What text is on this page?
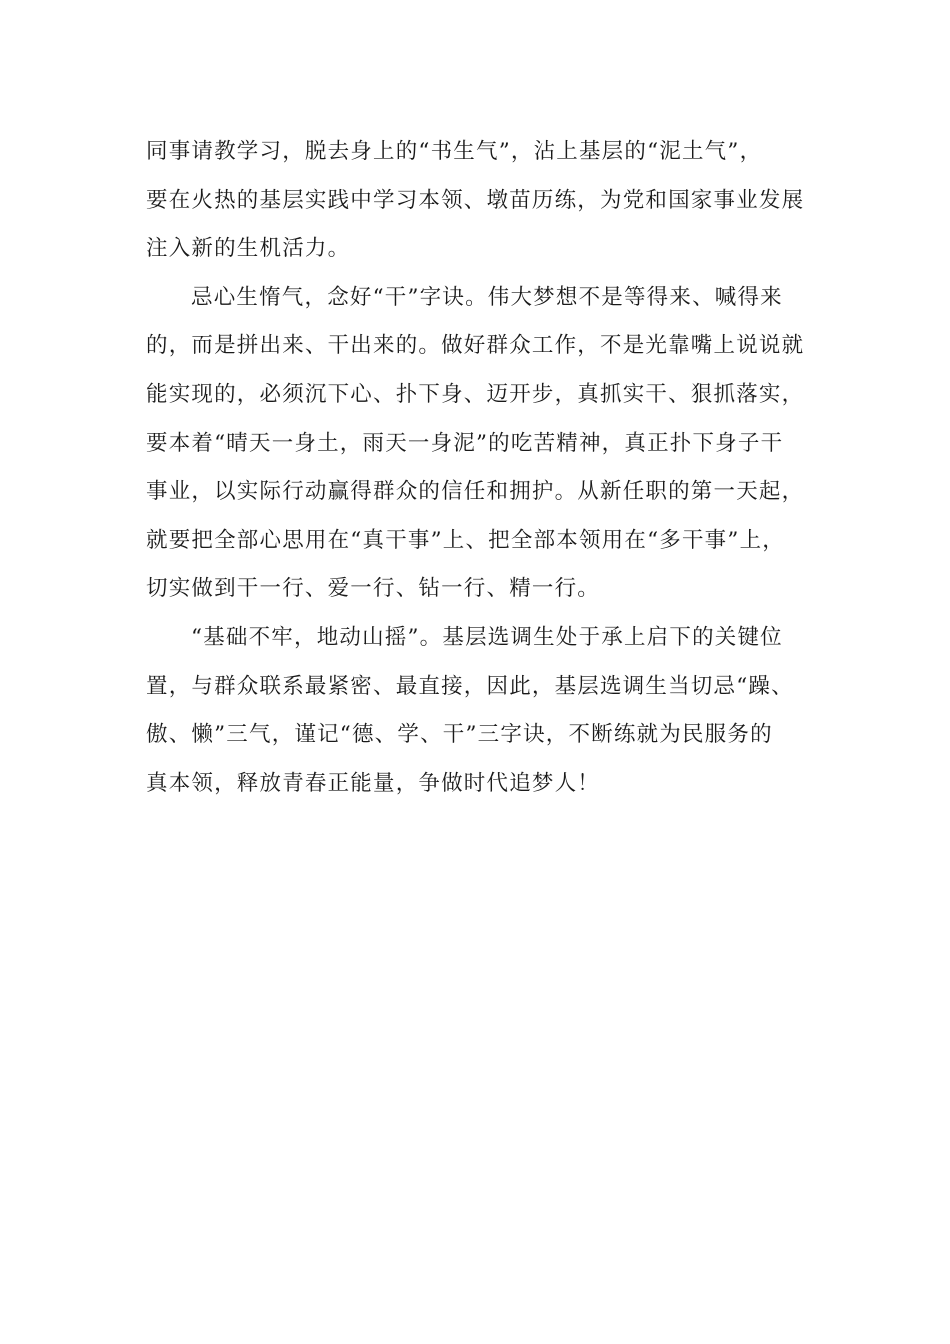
同事请教学习，脱去身上的“书生气”，沾上基层的“泥土气”，
要在火热的基层实践中学习本领、墩苗历练，为党和国家事业发展
注入新的生机活力。
忌心生惰气，念好“干”字诀。伟大梦想不是等得来、喊得来
的，而是拼出来、干出来的。做好群众工作，不是光靠嘴上说说就
能实现的，必须沉下心、扑下身、迈开步，真抓实干、狠抓落实，
要本着“晴天一身土，雨天一身泥”的吃苦精神，真正扑下身子干
事业，以实际行动赢得群众的信任和拥护。从新任职的第一天起，
就要把全部心思用在“真干事”上、把全部本领用在“多干事”上，
切实做到干一行、爱一行、钻一行、精一行。
“基础不牢，地动山摇”。基层选调生处于承上启下的关键位
置，与群众联系最紧密、最直接，因此，基层选调生当切忌“躁、
傲、懒”三气，谨记“德、学、干”三字诀，不断练就为民服务的
真本领，释放青春正能量，争做时代追梦人！
